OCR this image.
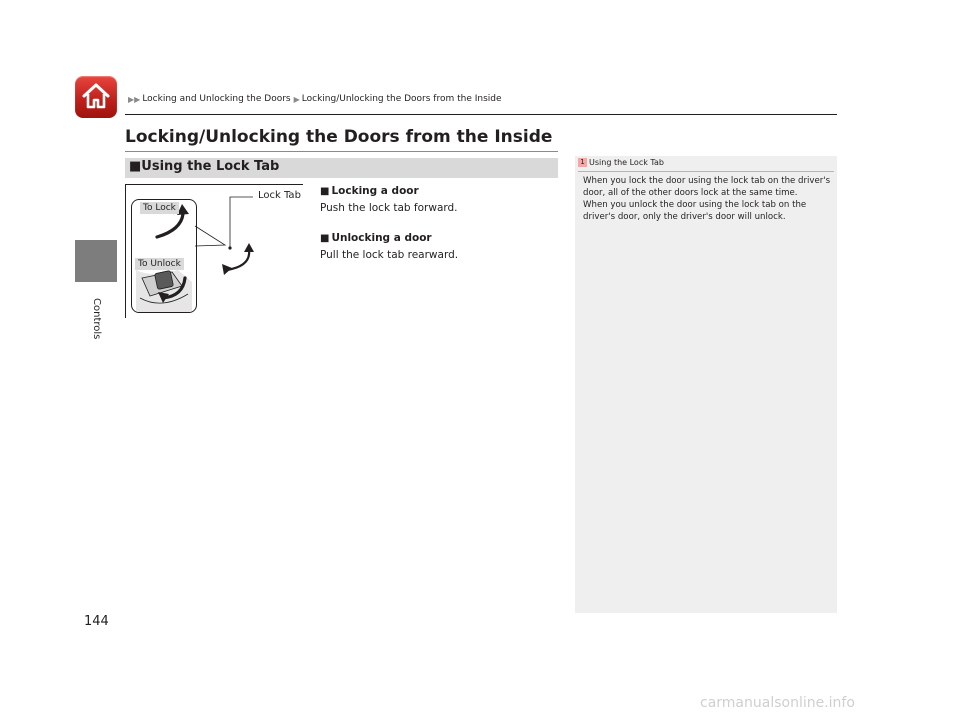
▶▶ Locking and Unlocking the Doors ▶ Locking/Unlocking the Doors from the Inside
Controls
144
Locking/Unlocking the Doors from the Inside
■Using the Lock Tab
To Lock
To Unlock
Lock Tab ■ Locking a door
Push the lock tab forward.
■ Unlocking a door
Pull the lock tab rearward.
1 Using the Lock Tab

When you lock the door using the lock tab on the driver's door, all of the other doors lock at the same time.

When you unlock the door using the lock tab on the driver's door, only the driver's door will unlock.

carmanualsonline.info
